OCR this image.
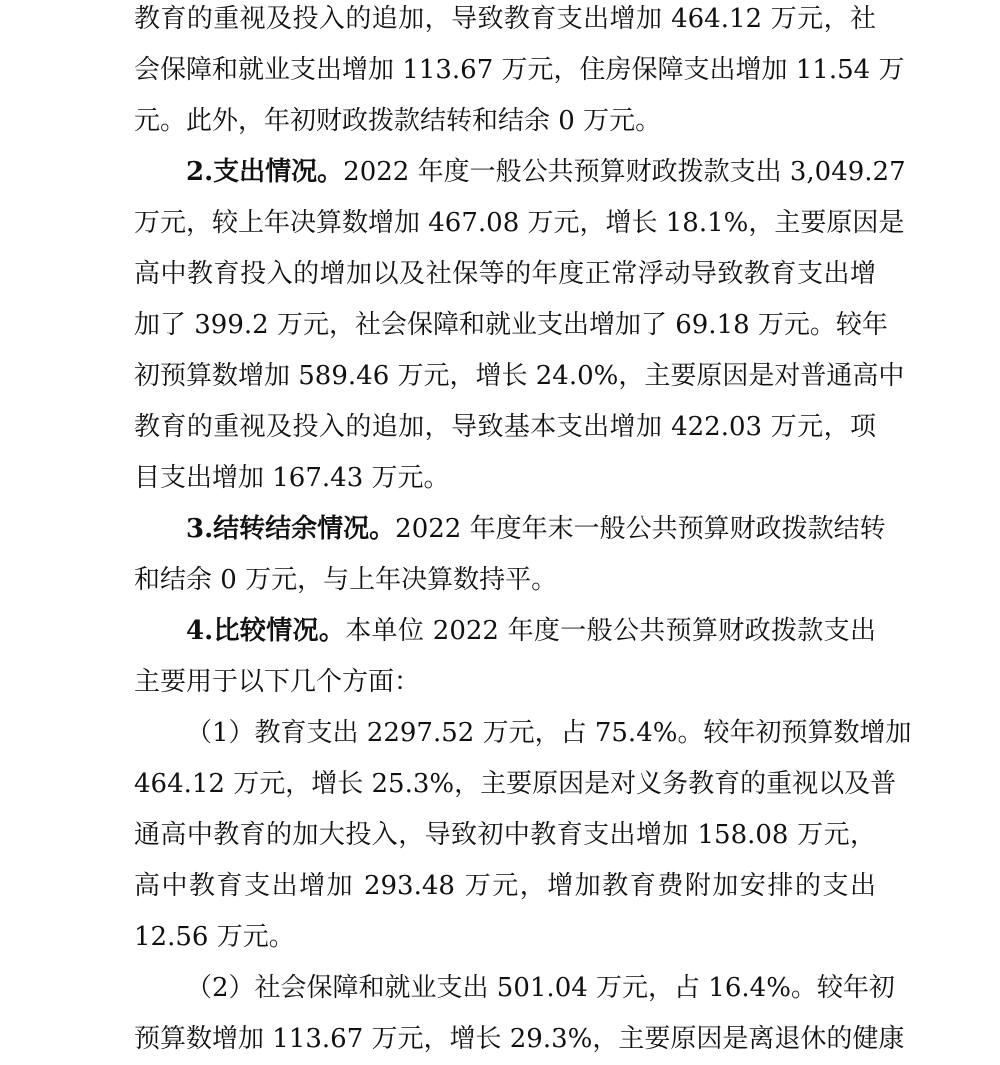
教育的重视及投入的追加，导致教育支出增加 464.12 万元，社
会保障和就业支出增加 113.67 万元，住房保障支出增加 11.54 万
元。此外，年初财政拨款结转和结余 0 万元。
2.支出情况。2022 年度一般公共预算财政拨款支出 3,049.27
万元，较上年决算数增加 467.08 万元，增长 18.1%，主要原因是
高中教育投入的增加以及社保等的年度正常浮动导致教育支出增
加了 399.2 万元，社会保障和就业支出增加了 69.18 万元。较年
初预算数增加 589.46 万元，增长 24.0%，主要原因是对普通高中
教育的重视及投入的追加，导致基本支出增加 422.03 万元，项
目支出增加 167.43 万元。
3.结转结余情况。2022 年度年末一般公共预算财政拨款结转
和结余 0 万元，与上年决算数持平。
4.比较情况。本单位 2022 年度一般公共预算财政拨款支出
主要用于以下几个方面：
（1）教育支出 2297.52 万元，占 75.4%。较年初预算数增加
464.12 万元，增长 25.3%，主要原因是对义务教育的重视以及普
通高中教育的加大投入，导致初中教育支出增加 158.08 万元，
高中教育支出增加 293.48 万元，增加教育费附加安排的支出
12.56 万元。
（2）社会保障和就业支出 501.04 万元，占 16.4%。较年初
预算数增加 113.67 万元，增长 29.3%，主要原因是离退休的健康
